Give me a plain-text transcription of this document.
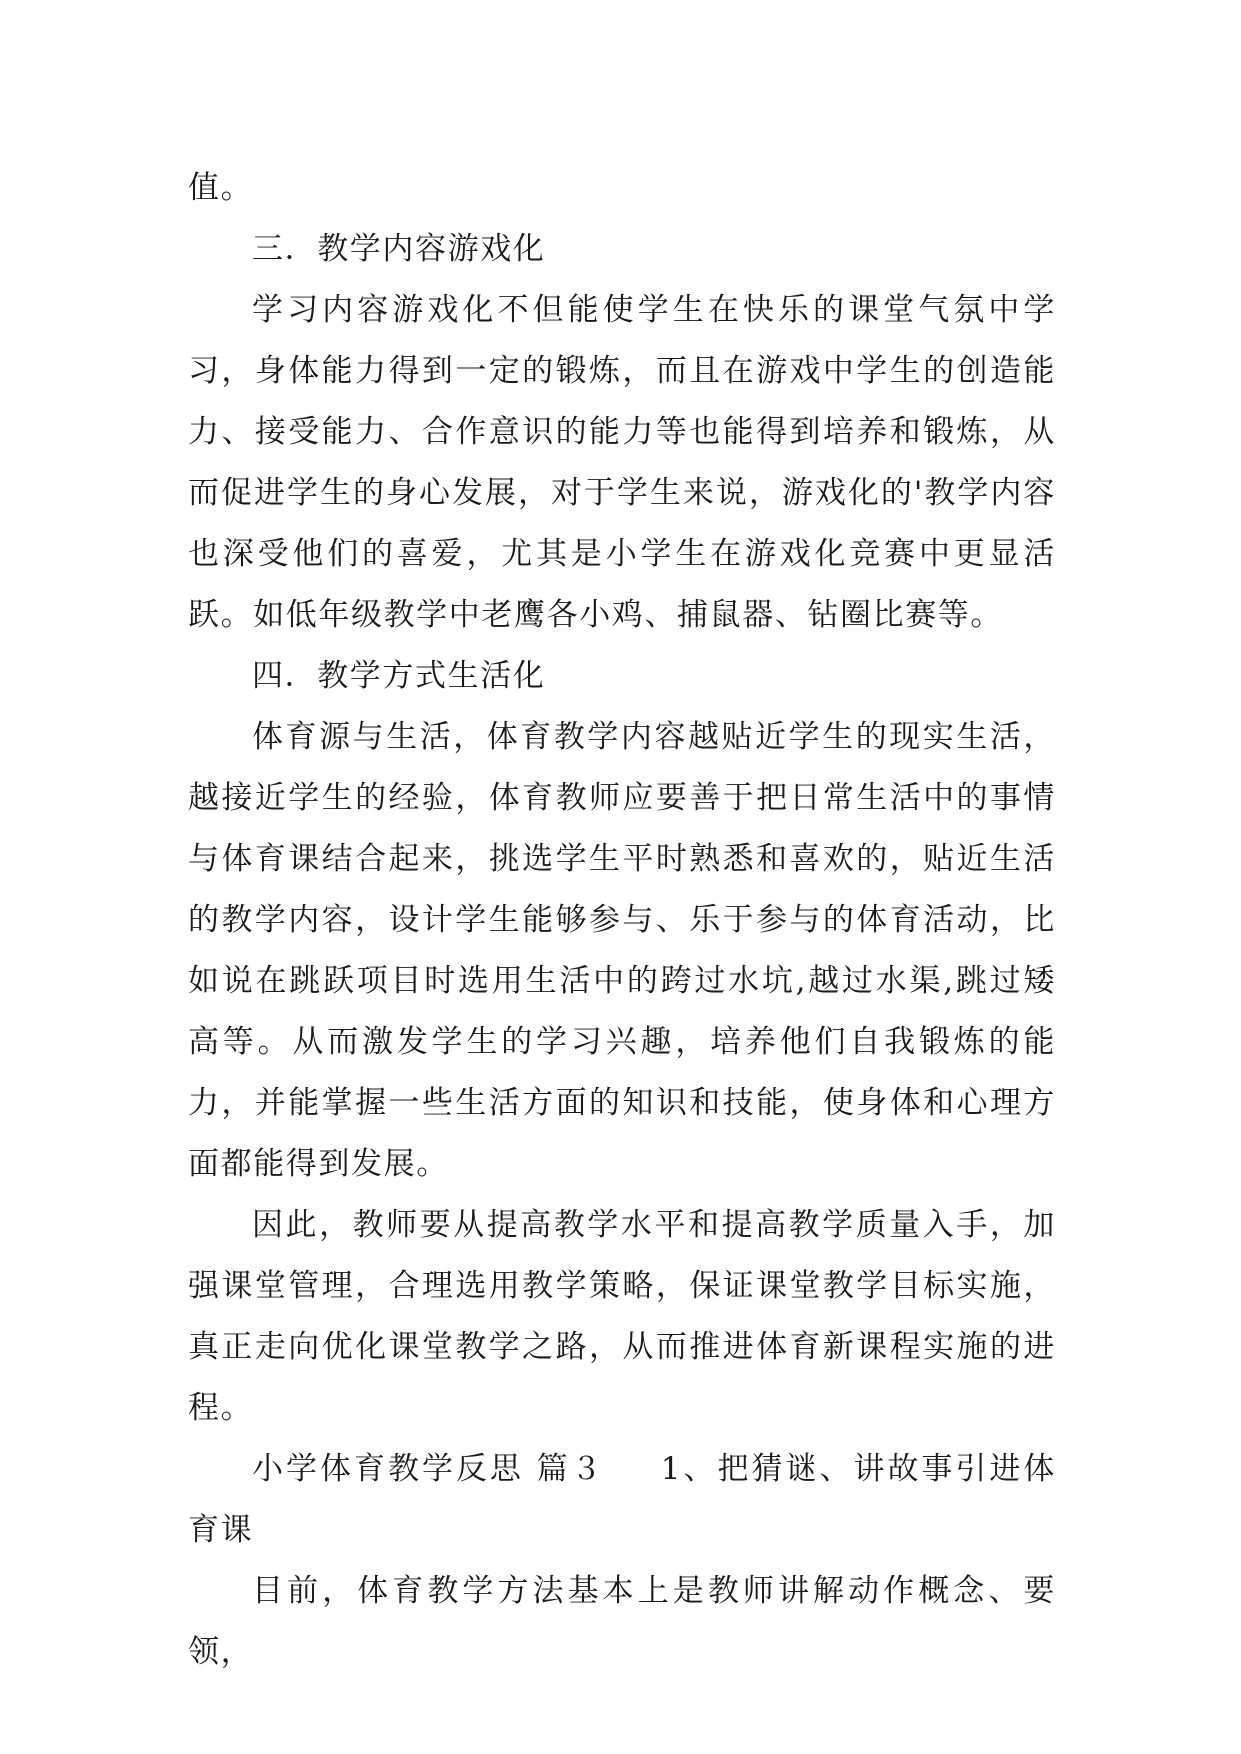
值。

三．教学内容游戏化

学习内容游戏化不但能使学生在快乐的课堂气氛中学习，身体能力得到一定的锻炼，而且在游戏中学生的创造能力、接受能力、合作意识的能力等也能得到培养和锻炼，从而促进学生的身心发展，对于学生来说，游戏化的'教学内容也深受他们的喜爱，尤其是小学生在游戏化竞赛中更显活跃。如低年级教学中老鹰各小鸡、捕鼠器、钻圈比赛等。

四．教学方式生活化

体育源与生活，体育教学内容越贴近学生的现实生活，越接近学生的经验，体育教师应要善于把日常生活中的事情与体育课结合起来，挑选学生平时熟悉和喜欢的，贴近生活的教学内容，设计学生能够参与、乐于参与的体育活动，比如说在跳跃项目时选用生活中的跨过水坑,越过水渠,跳过矮高等。从而激发学生的学习兴趣，培养他们自我锻炼的能力，并能掌握一些生活方面的知识和技能，使身体和心理方面都能得到发展。

因此，教师要从提高教学水平和提高教学质量入手，加强课堂管理，合理选用教学策略，保证课堂教学目标实施，真正走向优化课堂教学之路，从而推进体育新课程实施的进程。

小学体育教学反思 篇３ 1、把猜谜、讲故事引进体育课

目前，体育教学方法基本上是教师讲解动作概念、要领，
